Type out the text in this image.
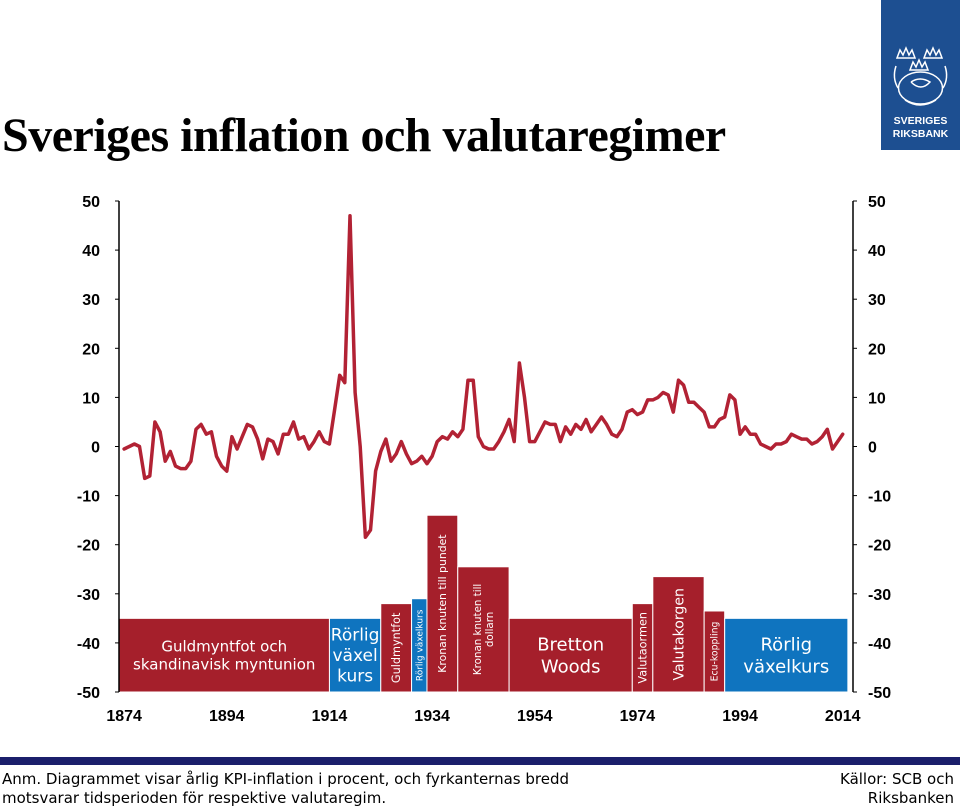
Sveriges inflation och valutaregimer	SVERIGES
RIKSBANK
Guldmyntfot och
skandinavisk myntunion
Rörlig
växel
kurs Guldmyntfot Rörlig växelkurs Kronan knuten till pundet Kronan knuten till dollarn Bretton
Woods	Valutaormen Valutakorgen Ecu-koppling Rörlig
växelkurs
50	50
40	40
30	30
20	20
10	10
0	0
-10	-10
-20	-20
-30	-30
-40	-40
-50	-50
1874	1894	1914	1934	1954	1974	1994	2014

Anm. Diagrammet visar årlig KPI-inflation i procent, och fyrkanternas bredd motsvarar tidsperioden för respektive valutaregim.

Källor: SCB och Riksbanken
